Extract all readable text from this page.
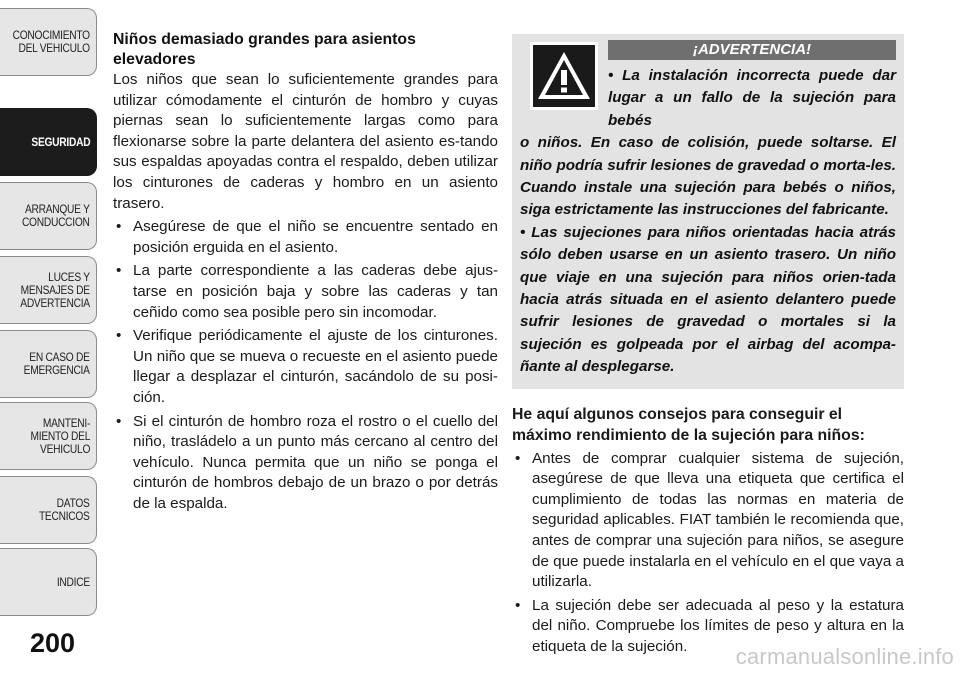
CONOCIMIENTO
DEL VEHICULO
SEGURIDAD
ARRANQUE Y
CONDUCCION
LUCES Y
MENSAJES DE
ADVERTENCIA
EN CASO DE
EMERGENCIA
MANTENI-
MIENTO DEL
VEHICULO
DATOS
TECNICOS
INDICE
200
Niños demasiado grandes para asientos elevadores

Los niños que sean lo suficientemente grandes para utilizar cómodamente el cinturón de hombro y cuyas piernas sean lo suficientemente largas como para flexionarse sobre la parte delantera del asiento es-tando sus espaldas apoyadas contra el respaldo, deben utilizar los cinturones de caderas y hombro en un asiento trasero.

• Asegúrese de que el niño se encuentre sentado en posición erguida en el asiento.
• La parte correspondiente a las caderas debe ajus-tarse en posición baja y sobre las caderas y tan ceñido como sea posible pero sin incomodar.
• Verifique periódicamente el ajuste de los cinturones. Un niño que se mueva o recueste en el asiento puede llegar a desplazar el cinturón, sacándolo de su posi-ción.
• Si el cinturón de hombro roza el rostro o el cuello del niño, trasládelo a un punto más cercano al centro del vehículo. Nunca permita que un niño se ponga el cinturón de hombros debajo de un brazo o por detrás de la espalda.
¡ADVERTENCIA!

• La instalación incorrecta puede dar lugar a un fallo de la sujeción para bebés

o niños. En caso de colisión, puede soltarse. El niño podría sufrir lesiones de gravedad o morta-les. Cuando instale una sujeción para bebés o niños, siga estrictamente las instrucciones del fabricante.

• Las sujeciones para niños orientadas hacia atrás sólo deben usarse en un asiento trasero. Un niño que viaje en una sujeción para niños orien-tada hacia atrás situada en el asiento delantero puede sufrir lesiones de gravedad o mortales si la sujeción es golpeada por el airbag del acompa-ñante al desplegarse.

He aquí algunos consejos para conseguir el máximo rendimiento de la sujeción para niños:
• Antes de comprar cualquier sistema de sujeción, asegúrese de que lleva una etiqueta que certifica el cumplimiento de todas las normas en materia de seguridad aplicables. FIAT también le recomienda que, antes de comprar una sujeción para niños, se asegure de que puede instalarla en el vehículo en el que vaya a utilizarla.
• La sujeción debe ser adecuada al peso y la estatura del niño. Compruebe los límites de peso y altura en la etiqueta de la sujeción.	carmanualsonline.info
